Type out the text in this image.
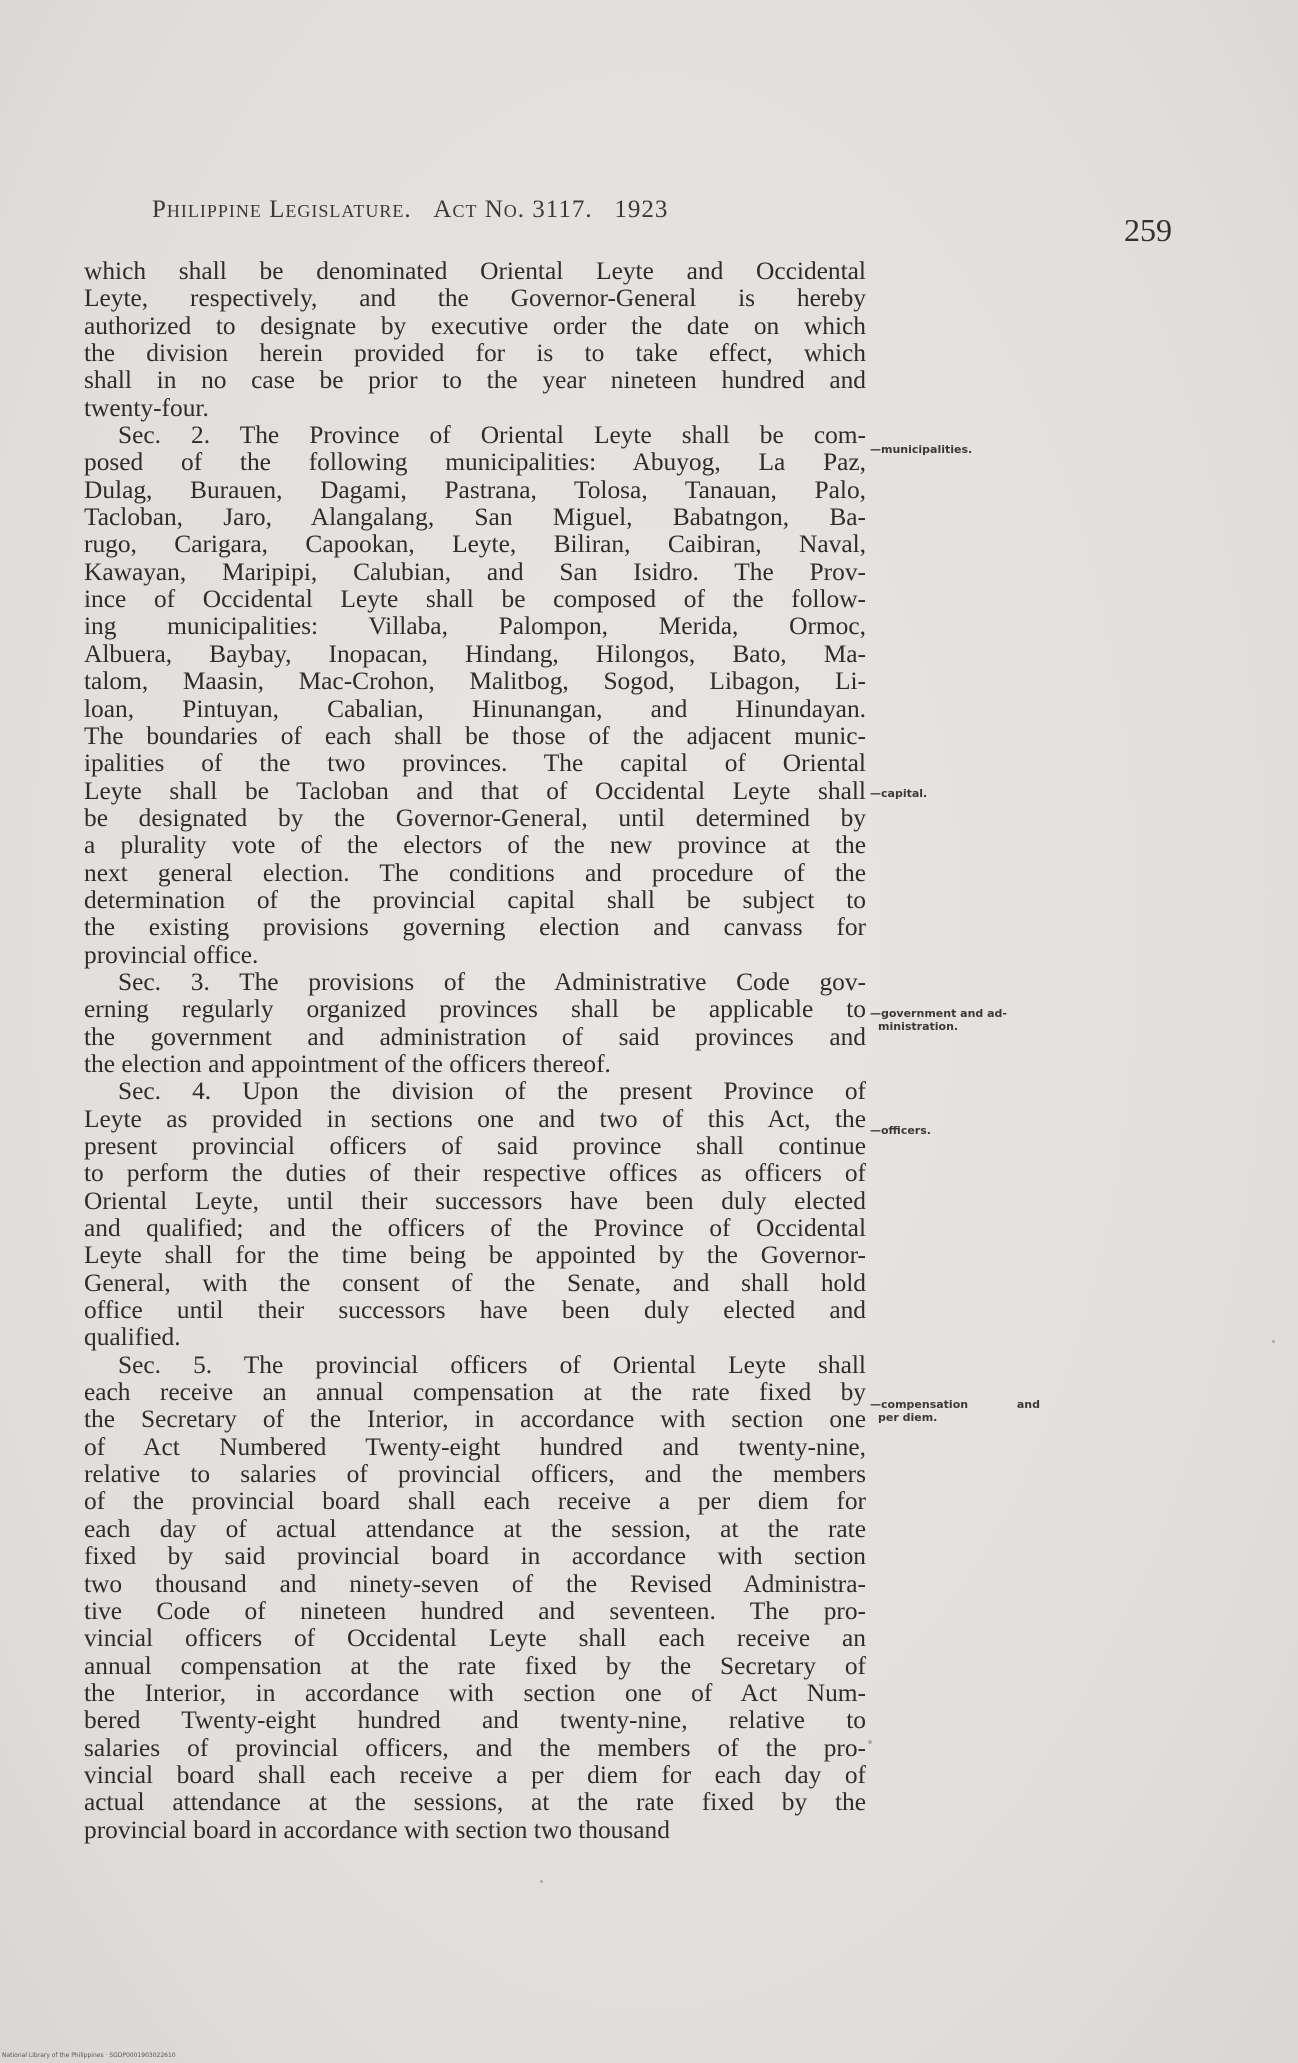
Philippine Legislature. Act No. 3117. 1923
259
which shall be denominated Oriental Leyte and Occidental
Leyte, respectively, and the Governor-General is hereby
authorized to designate by executive order the date on which
the division herein provided for is to take effect, which
shall in no case be prior to the year nineteen hundred and
twenty-four.
Sec. 2. The Province of Oriental Leyte shall be com-
posed of the following municipalities: Abuyog, La Paz,
Dulag, Burauen, Dagami, Pastrana, Tolosa, Tanauan, Palo,
Tacloban, Jaro, Alangalang, San Miguel, Babatngon, Ba-
rugo, Carigara, Capookan, Leyte, Biliran, Caibiran, Naval,
Kawayan, Maripipi, Calubian, and San Isidro. The Prov-
ince of Occidental Leyte shall be composed of the follow-
ing municipalities: Villaba, Palompon, Merida, Ormoc,
Albuera, Baybay, Inopacan, Hindang, Hilongos, Bato, Ma-
talom, Maasin, Mac-Crohon, Malitbog, Sogod, Libagon, Li-
loan, Pintuyan, Cabalian, Hinunangan, and Hinundayan.
The boundaries of each shall be those of the adjacent munic-
ipalities of the two provinces. The capital of Oriental
Leyte shall be Tacloban and that of Occidental Leyte shall
be designated by the Governor-General, until determined by
a plurality vote of the electors of the new province at the
next general election. The conditions and procedure of the
determination of the provincial capital shall be subject to
the existing provisions governing election and canvass for
provincial office.
Sec. 3. The provisions of the Administrative Code gov-
erning regularly organized provinces shall be applicable to
the government and administration of said provinces and
the election and appointment of the officers thereof.
Sec. 4. Upon the division of the present Province of
Leyte as provided in sections one and two of this Act, the
present provincial officers of said province shall continue
to perform the duties of their respective offices as officers of
Oriental Leyte, until their successors have been duly elected
and qualified; and the officers of the Province of Occidental
Leyte shall for the time being be appointed by the Governor-
General, with the consent of the Senate, and shall hold
office until their successors have been duly elected and
qualified.
Sec. 5. The provincial officers of Oriental Leyte shall
each receive an annual compensation at the rate fixed by
the Secretary of the Interior, in accordance with section one
of Act Numbered Twenty-eight hundred and twenty-nine,
relative to salaries of provincial officers, and the members
of the provincial board shall each receive a per diem for
each day of actual attendance at the session, at the rate
fixed by said provincial board in accordance with section
two thousand and ninety-seven of the Revised Administra-
tive Code of nineteen hundred and seventeen. The pro-
vincial officers of Occidental Leyte shall each receive an
annual compensation at the rate fixed by the Secretary of
the Interior, in accordance with section one of Act Num-
bered Twenty-eight hundred and twenty-nine, relative to
salaries of provincial officers, and the members of the pro-
vincial board shall each receive a per diem for each day of
actual attendance at the sessions, at the rate fixed by the
provincial board in accordance with section two thousand
—municipalities.
—capital.
—government and ad-
ministration.
—officers.
—compensation	and
per diem.
National Library of the Philippines · SGDP0001903022610
